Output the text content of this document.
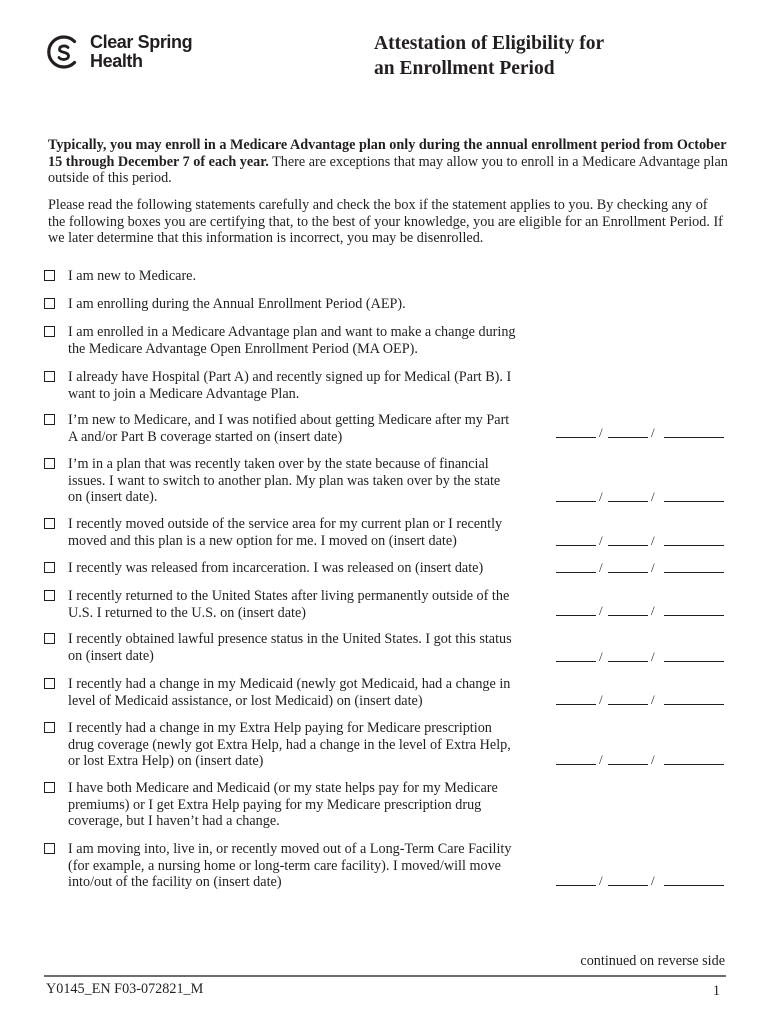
Clear Spring
Health
Attestation of Eligibility for
an Enrollment Period
Typically, you may enroll in a Medicare Advantage plan only during the annual enrollment period from October 15 through December 7 of each year. There are exceptions that may allow you to enroll in a Medicare Advantage plan outside of this period.
Please read the following statements carefully and check the box if the statement applies to you. By checking any of the following boxes you are certifying that, to the best of your knowledge, you are eligible for an Enrollment Period. If we later determine that this information is incorrect, you may be disenrolled.
I am new to Medicare.
I am enrolling during the Annual Enrollment Period (AEP).
I am enrolled in a Medicare Advantage plan and want to make a change during
the Medicare Advantage Open Enrollment Period (MA OEP).
I already have Hospital (Part A) and recently signed up for Medical (Part B). I
want to join a Medicare Advantage Plan.
I’m new to Medicare, and I was notified about getting Medicare after my Part
A and/or Part B coverage started on (insert date)	/	/
I’m in a plan that was recently taken over by the state because of financial
issues. I want to switch to another plan. My plan was taken over by the state
on (insert date).	/	/
I recently moved outside of the service area for my current plan or I recently
moved and this plan is a new option for me. I moved on (insert date)	/	/
I recently was released from incarceration. I was released on (insert date)	/	/
I recently returned to the United States after living permanently outside of the
U.S. I returned to the U.S. on (insert date)	/	/
I recently obtained lawful presence status in the United States. I got this status
on (insert date)	/	/
I recently had a change in my Medicaid (newly got Medicaid, had a change in
level of Medicaid assistance, or lost Medicaid) on (insert date)	/	/
I recently had a change in my Extra Help paying for Medicare prescription
drug coverage (newly got Extra Help, had a change in the level of Extra Help,
or lost Extra Help) on (insert date)	/	/
I have both Medicare and Medicaid (or my state helps pay for my Medicare
premiums) or I get Extra Help paying for my Medicare prescription drug
coverage, but I haven’t had a change.
I am moving into, live in, or recently moved out of a Long-Term Care Facility
(for example, a nursing home or long-term care facility). I moved/will move
into/out of the facility on (insert date)	/	/
continued on reverse side
Y0145_EN F03-072821_M	1
